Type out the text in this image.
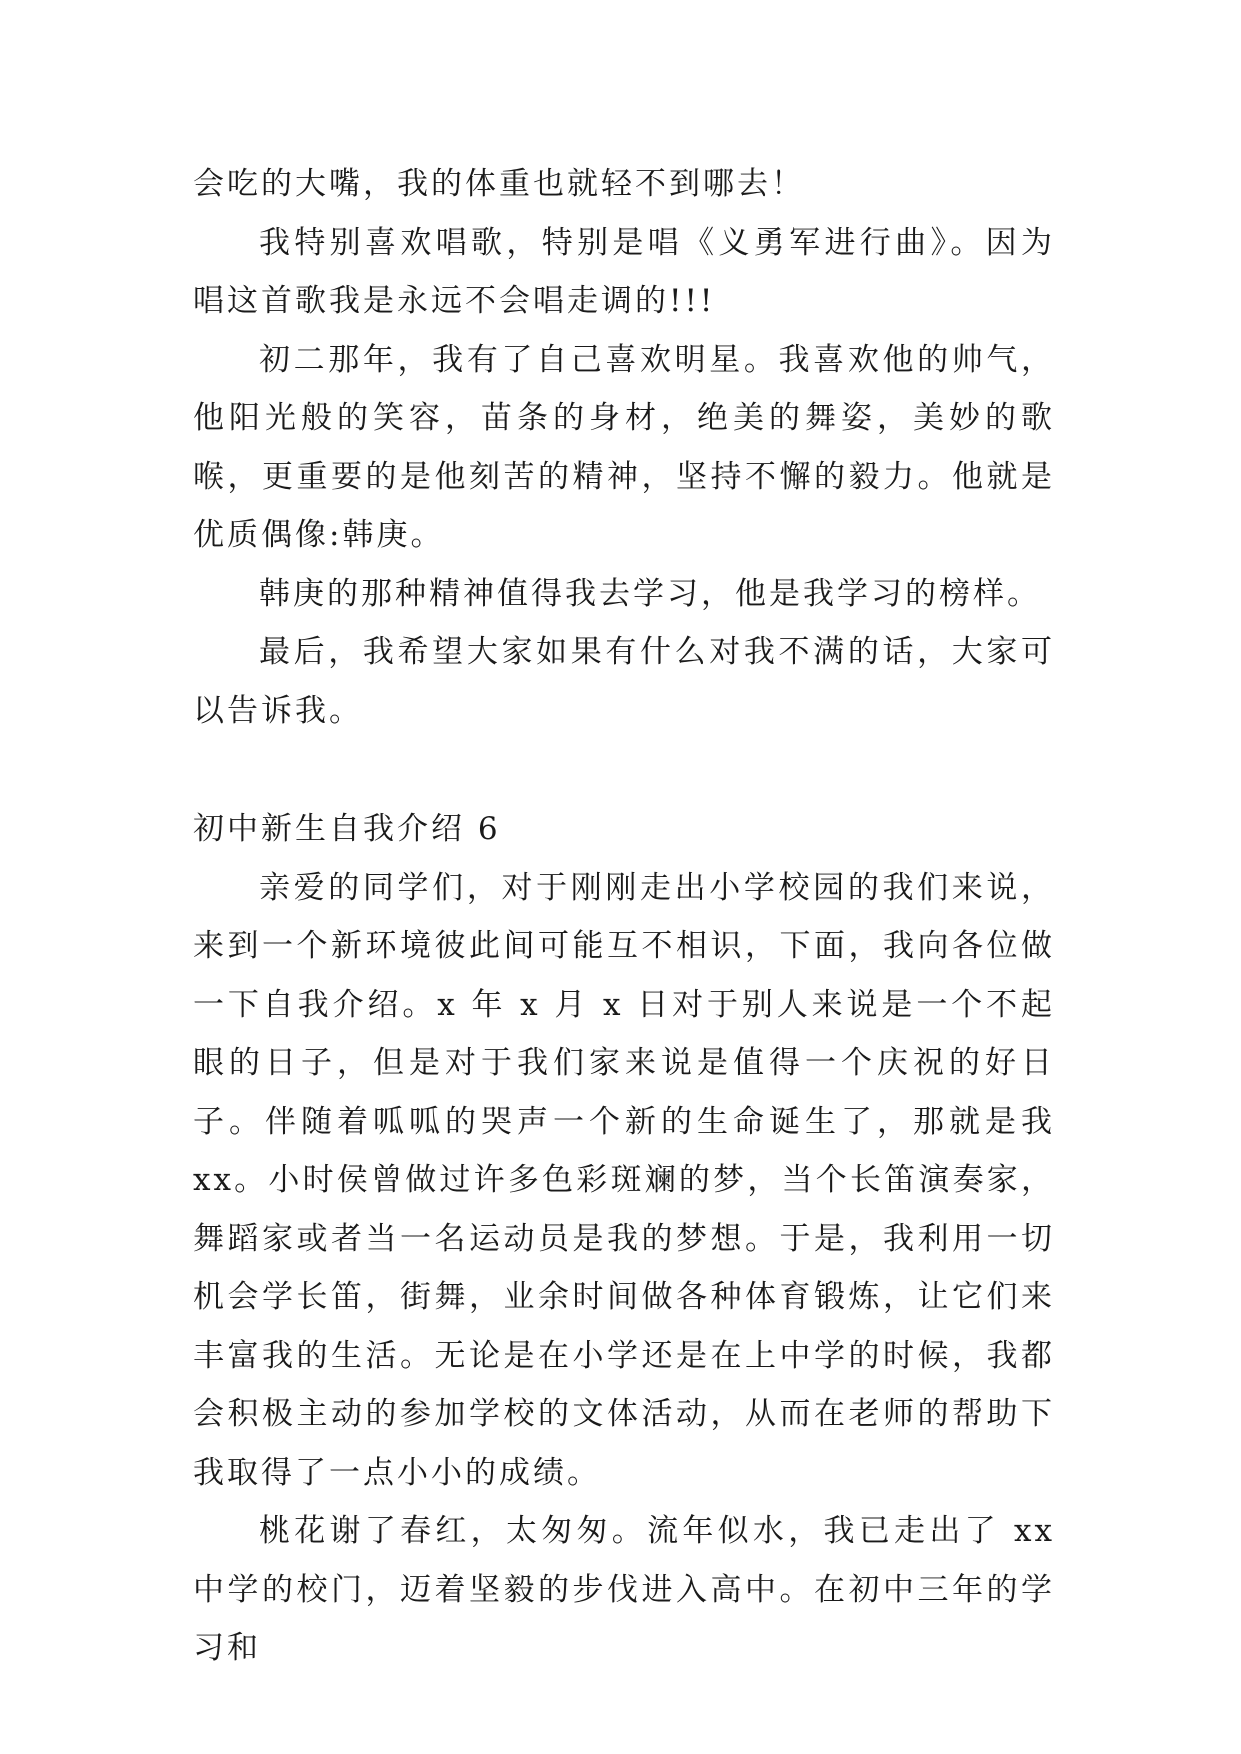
会吃的大嘴，我的体重也就轻不到哪去！

我特别喜欢唱歌，特别是唱《义勇军进行曲》。因为唱这首歌我是永远不会唱走调的!!!

初二那年，我有了自己喜欢明星。我喜欢他的帅气，他阳光般的笑容，苗条的身材，绝美的舞姿，美妙的歌喉，更重要的是他刻苦的精神，坚持不懈的毅力。他就是优质偶像:韩庚。

韩庚的那种精神值得我去学习，他是我学习的榜样。

最后，我希望大家如果有什么对我不满的话，大家可以告诉我。

初中新生自我介绍 6

亲爱的同学们，对于刚刚走出小学校园的我们来说，来到一个新环境彼此间可能互不相识，下面，我向各位做一下自我介绍。x 年 x 月 x 日对于别人来说是一个不起眼的日子，但是对于我们家来说是值得一个庆祝的好日子。伴随着呱呱的哭声一个新的生命诞生了，那就是我 xx。小时侯曾做过许多色彩斑斓的梦，当个长笛演奏家，舞蹈家或者当一名运动员是我的梦想。于是，我利用一切机会学长笛，街舞，业余时间做各种体育锻炼，让它们来丰富我的生活。无论是在小学还是在上中学的时候，我都会积极主动的参加学校的文体活动，从而在老师的帮助下我取得了一点小小的成绩。

桃花谢了春红，太匆匆。流年似水，我已走出了 xx 中学的校门，迈着坚毅的步伐进入高中。在初中三年的学习和
